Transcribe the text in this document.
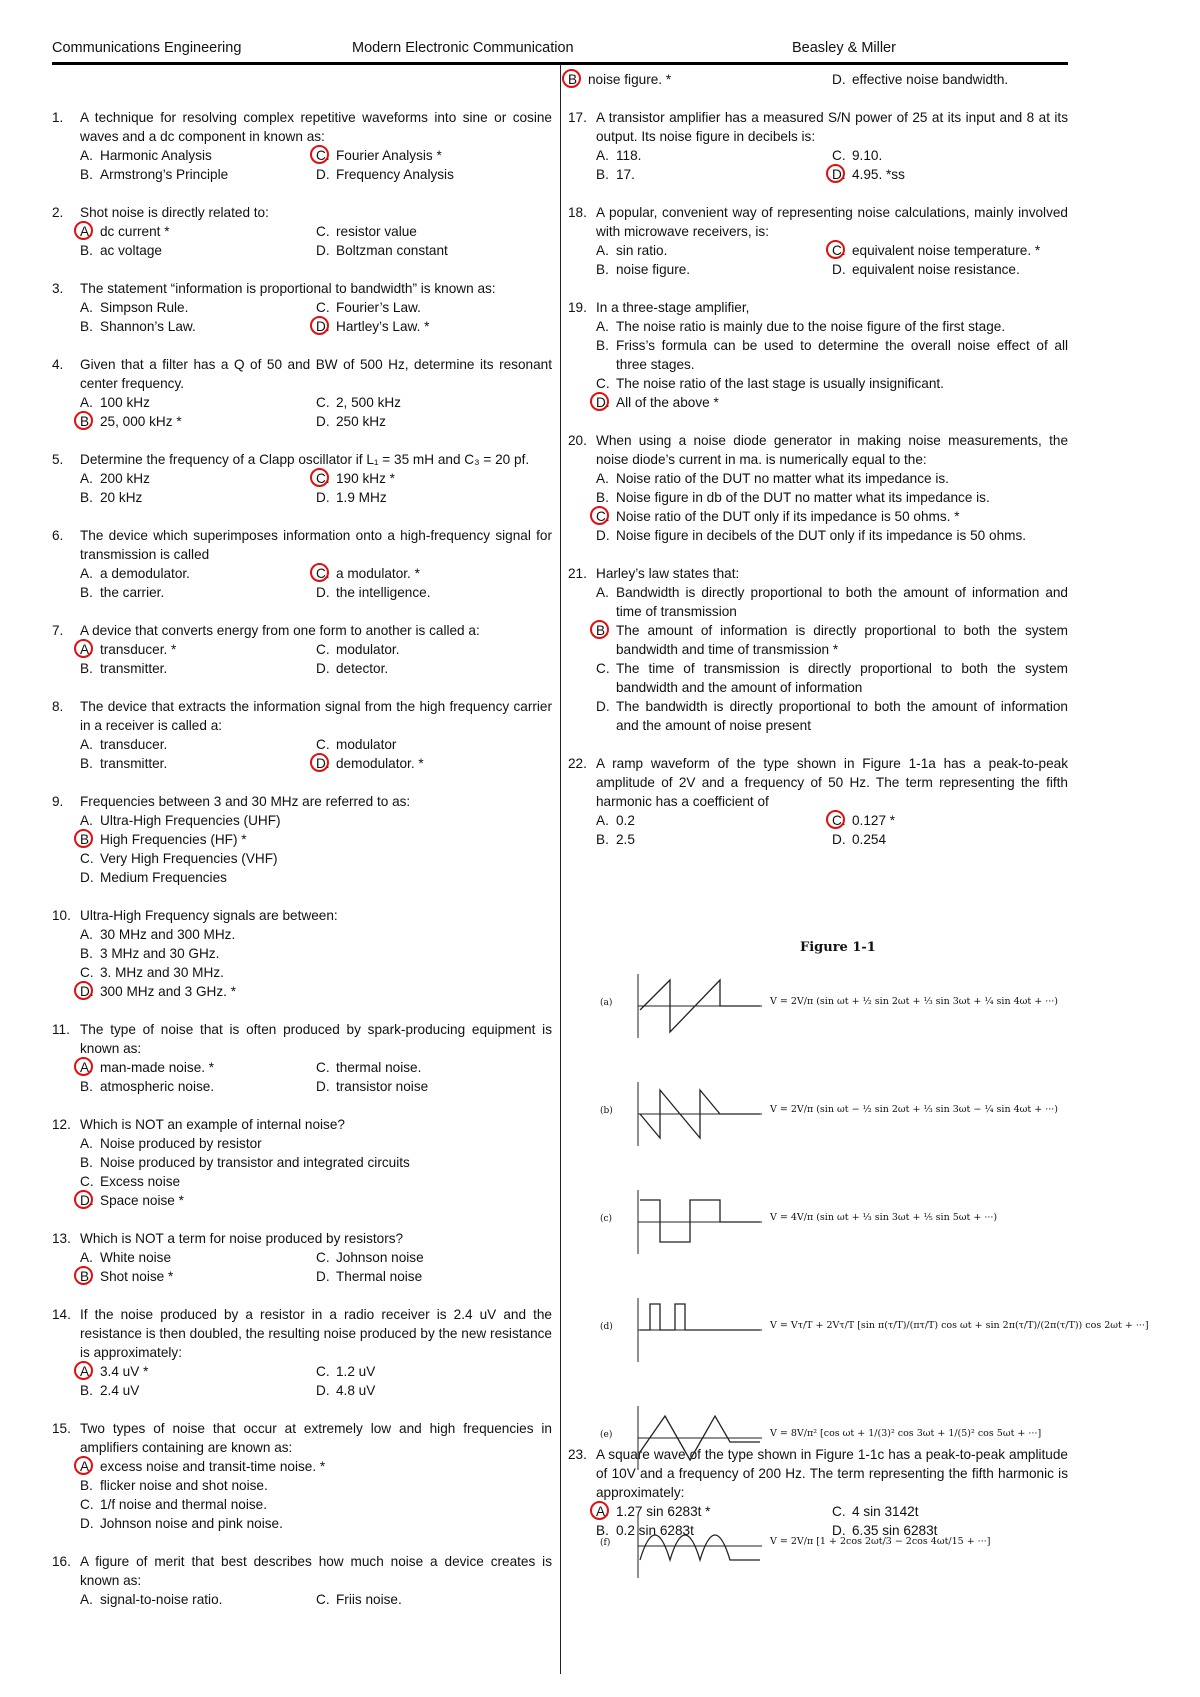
Communications Engineering	Modern Electronic Communication	Beasley & Miller
1.	A technique for resolving complex repetitive waveforms into sine or cosine waves and a dc component in known as:
A. Harmonic Analysis	C. Fourier Analysis *
B. Armstrong’s Principle	D. Frequency Analysis
2.	Shot noise is directly related to:
A. dc current *	C. resistor value
B. ac voltage	D. Boltzman constant
3.	The statement “information is proportional to bandwidth” is known as:
A. Simpson Rule.	C. Fourier’s Law.
B. Shannon’s Law.	D. Hartley’s Law. *
4.	Given that a filter has a Q of 50 and BW of 500 Hz, determine its resonant center frequency.
A. 100 kHz	C. 2, 500 kHz
B. 25, 000 kHz *	D. 250 kHz
5.	Determine the frequency of a Clapp oscillator if L₁ = 35 mH and C₃ = 20 pf.
A. 200 kHz	C. 190 kHz *
B. 20 kHz	D. 1.9 MHz
6.	The device which superimposes information onto a high-frequency signal for transmission is called
A. a demodulator.	C. a modulator. *
B. the carrier.	D. the intelligence.
7.	A device that converts energy from one form to another is called a:
A. transducer. *	C. modulator.
B. transmitter.	D. detector.
8.	The device that extracts the information signal from the high frequency carrier in a receiver is called a:
A. transducer.	C. modulator
B. transmitter.	D. demodulator. *
9.	Frequencies between 3 and 30 MHz are referred to as:
A. Ultra-High Frequencies (UHF)
B. High Frequencies (HF) *
C. Very High Frequencies (VHF)
D. Medium Frequencies
10. Ultra-High Frequency signals are between:
A. 30 MHz and 300 MHz.
B. 3 MHz and 30 GHz.
C. 3. MHz and 30 MHz.
D. 300 MHz and 3 GHz. *
11. The type of noise that is often produced by spark-producing equipment is known as:
A. man-made noise. *	C. thermal noise.
B. atmospheric noise.	D. transistor noise
12. Which is NOT an example of internal noise?
A. Noise produced by resistor
B. Noise produced by transistor and integrated circuits
C. Excess noise
D. Space noise *
13. Which is NOT a term for noise produced by resistors?
A. White noise	C. Johnson noise
B. Shot noise *	D. Thermal noise
14. If the noise produced by a resistor in a radio receiver is 2.4 uV and the resistance is then doubled, the resulting noise produced by the new resistance is approximately:
A. 3.4 uV *	C. 1.2 uV
B. 2.4 uV	D. 4.8 uV
15. Two types of noise that occur at extremely low and high frequencies in amplifiers containing are known as:
A. excess noise and transit-time noise. *
B. flicker noise and shot noise.
C. 1/f noise and thermal noise.
D. Johnson noise and pink noise.
16. A figure of merit that best describes how much noise a device creates is known as:
A. signal-to-noise ratio.	C. Friis noise.
B noise figure. *	D. effective noise bandwidth.
17. A transistor amplifier has a measured S/N power of 25 at its input and 8 at its output. Its noise figure in decibels is:
A. 118.	C. 9.10.
B. 17.	D. 4.95. *ss
18. A popular, convenient way of representing noise calculations, mainly involved with microwave receivers, is:
A. sin ratio.	C. equivalent noise temperature. *
B. noise figure.	D. equivalent noise resistance.
19. In a three-stage amplifier,
A. The noise ratio is mainly due to the noise figure of the first stage.
B. Friss’s formula can be used to determine the overall noise effect of all three stages.
C. The noise ratio of the last stage is usually insignificant.
D. All of the above *
20. When using a noise diode generator in making noise measurements, the noise diode’s current in ma. is numerically equal to the:
A. Noise ratio of the DUT no matter what its impedance is.
B. Noise figure in db of the DUT no matter what its impedance is.
C. Noise ratio of the DUT only if its impedance is 50 ohms. *
D. Noise figure in decibels of the DUT only if its impedance is 50 ohms.
21. Harley’s law states that:
A. Bandwidth is directly proportional to both the amount of information and time of transmission
B. The amount of information is directly proportional to both the system bandwidth and time of transmission *
C. The time of transmission is directly proportional to both the system bandwidth and the amount of information
D. The bandwidth is directly proportional to both the amount of information and the amount of noise present
22. A ramp waveform of the type shown in Figure 1-1a has a peak-to-peak amplitude of 2V and a frequency of 50 Hz. The term representing the fifth harmonic has a coefficient of
A. 0.2	C. 0.127 *
B. 2.5	D. 0.254
23. A square wave of the type shown in Figure 1-1c has a peak-to-peak amplitude of 10V and a frequency of 200 Hz. The term representing the fifth harmonic is approximately:
A. 1.27 sin 6283t *	C. 4 sin 3142t
B. 0.2 sin 6283t	D. 6.35 sin 6283t
Figure 1-1
(a)	V = 2V/π (sin ωt + ½ sin 2ωt + ⅓ sin 3ωt + ¼ sin 4ωt + ···)
(b)	V = 2V/π (sin ωt − ½ sin 2ωt + ⅓ sin 3ωt − ¼ sin 4ωt + ···)
(c)	V = 4V/π (sin ωt + ⅓ sin 3ωt + ⅕ sin 5ωt + ···)
(d)	V = Vτ/T + 2Vτ/T [sin π(τ/T)/(πτ/T) cos ωt + sin 2π(τ/T)/(2π(τ/T)) cos 2ωt + ···]
(e)	V = 8V/π² [cos ωt + 1/(3)² cos 3ωt + 1/(5)² cos 5ωt + ···]
(f)	V = 2V/π [1 + 2cos 2ωt/3 − 2cos 4ωt/15 + ···]
